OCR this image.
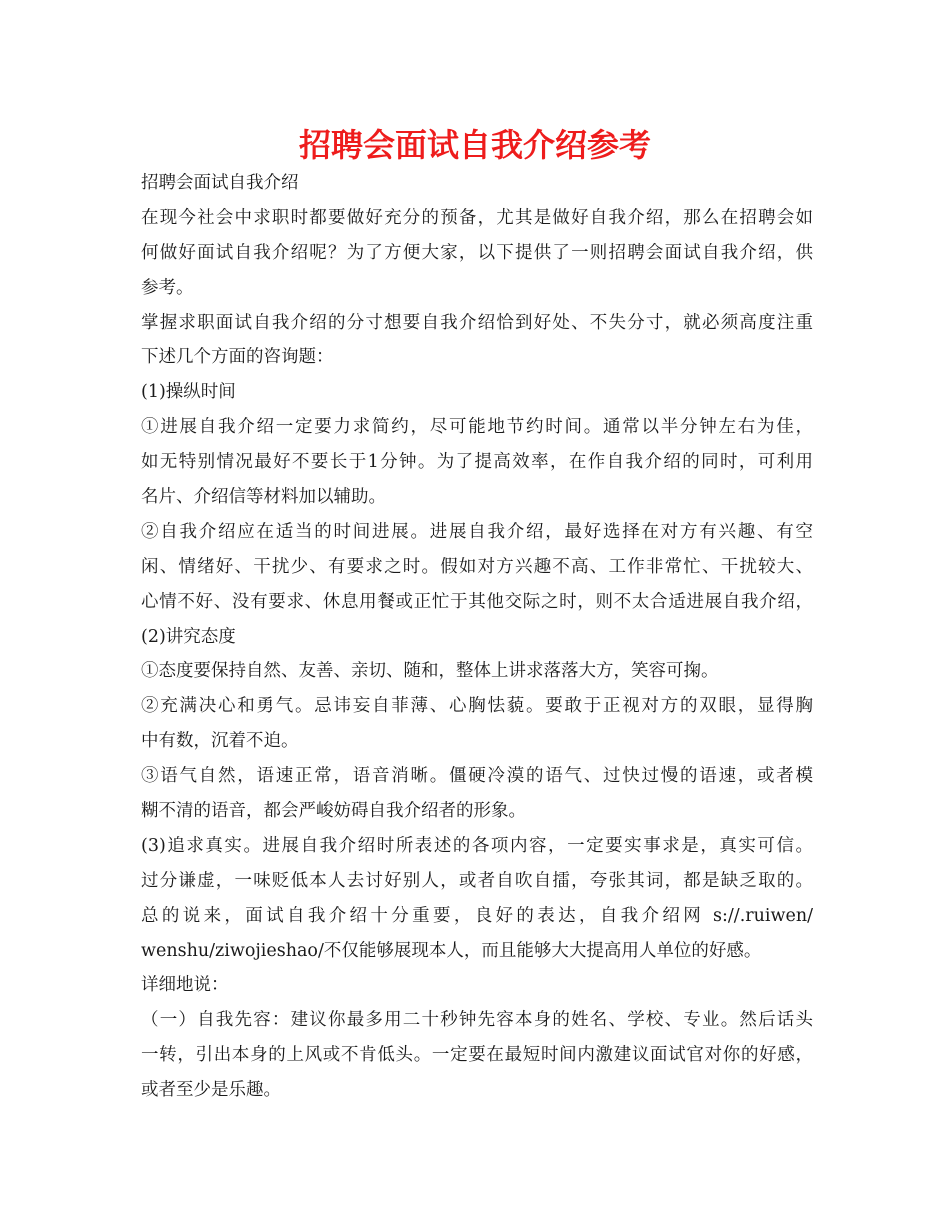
招聘会面试自我介绍参考

招聘会面试自我介绍

在现今社会中求职时都要做好充分的预备，尤其是做好自我介绍，那么在招聘会如

何做好面试自我介绍呢？为了方便大家，以下提供了一则招聘会面试自我介绍，供

参考。

掌握求职面试自我介绍的分寸想要自我介绍恰到好处、不失分寸，就必须高度注重

下述几个方面的咨询题：

(1)操纵时间

①进展自我介绍一定要力求简约，尽可能地节约时间。通常以半分钟左右为佳，

如无特别情况最好不要长于1分钟。为了提高效率，在作自我介绍的同时，可利用

名片、介绍信等材料加以辅助。

②自我介绍应在适当的时间进展。进展自我介绍，最好选择在对方有兴趣、有空

闲、情绪好、干扰少、有要求之时。假如对方兴趣不高、工作非常忙、干扰较大、

心情不好、没有要求、休息用餐或正忙于其他交际之时，则不太合适进展自我介绍，

(2)讲究态度

①态度要保持自然、友善、亲切、随和，整体上讲求落落大方，笑容可掬。

②充满决心和勇气。忌讳妄自菲薄、心胸怯藐。要敢于正视对方的双眼，显得胸

中有数，沉着不迫。

③语气自然，语速正常，语音消晰。僵硬冷漠的语气、过快过慢的语速，或者模

糊不清的语音，都会严峻妨碍自我介绍者的形象。

(3)追求真实。进展自我介绍时所表述的各项内容，一定要实事求是，真实可信。

过分谦虚，一味贬低本人去讨好别人，或者自吹自擂，夸张其词，都是缺乏取的。

总的说来，面试自我介绍十分重要，良好的表达，自我介绍网 s://.ruiwen/

wenshu/ziwojieshao/不仅能够展现本人，而且能够大大提高用人单位的好感。

详细地说：

（一）自我先容：建议你最多用二十秒钟先容本身的姓名、学校、专业。然后话头

一转，引出本身的上风或不肯低头。一定要在最短时间内激建议面试官对你的好感，

或者至少是乐趣。
